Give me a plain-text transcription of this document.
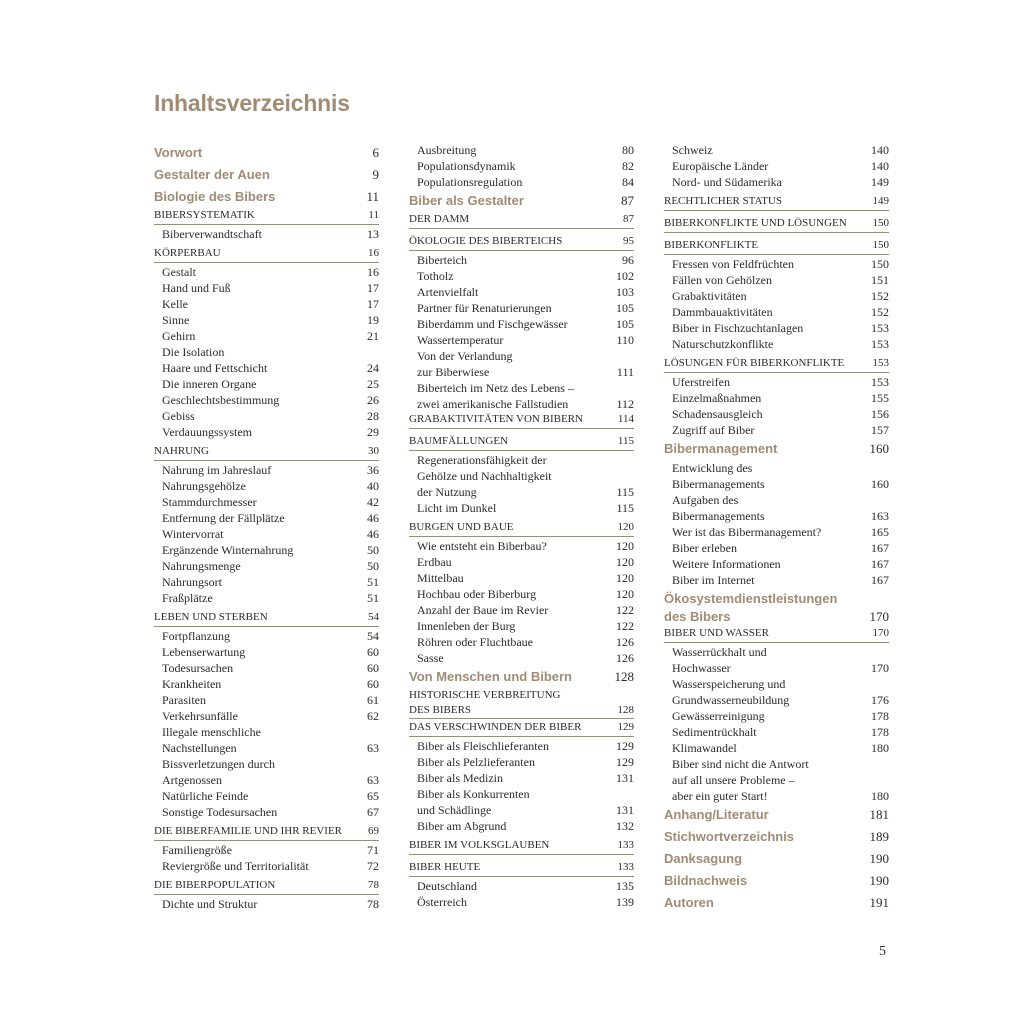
Inhaltsverzeichnis
Vorwort	6
Gestalter der Auen	9
Biologie des Bibers	11
BIBERSYSTEMATIK	11
Biberverwandtschaft	13
KÖRPERBAU	16
Gestalt	16
Hand und Fuß	17
Kelle	17
Sinne	19
Gehirn	21
Die Isolation
Haare und Fettschicht	24
Die inneren Organe	25
Geschlechtsbestimmung	26
Gebiss	28
Verdauungssystem	29
NAHRUNG	30
Nahrung im Jahreslauf	36
Nahrungsgehölze	40
Stammdurchmesser	42
Entfernung der Fällplätze	46
Wintervorrat	46
Ergänzende Winternahrung	50
Nahrungsmenge	50
Nahrungsort	51
Fraßplätze	51
LEBEN UND STERBEN	54
Fortpflanzung	54
Lebenserwartung	60
Todesursachen	60
Krankheiten	60
Parasiten	61
Verkehrsunfälle	62
Illegale menschliche
Nachstellungen	63
Bissverletzungen durch
Artgenossen	63
Natürliche Feinde	65
Sonstige Todesursachen	67
DIE BIBERFAMILIE UND IHR REVIER	69
Familiengröße	71
Reviergröße und Territorialität	72
DIE BIBERPOPULATION	78
Dichte und Struktur	78
Ausbreitung	80
Populationsdynamik	82
Populationsregulation	84
Biber als Gestalter	87
DER DAMM	87
ÖKOLOGIE DES BIBERTEICHS	95
Biberteich	96
Totholz	102
Artenvielfalt	103
Partner für Renaturierungen	105
Biberdamm und Fischgewässer	105
Wassertemperatur	110
Von der Verlandung
zur Biberwiese	111
Biberteich im Netz des Lebens –
zwei amerikanische Fallstudien	112
GRABAKTIVITÄTEN VON BIBERN	114
BAUMFÄLLUNGEN	115
Regenerationsfähigkeit der
Gehölze und Nachhaltigkeit
der Nutzung	115
Licht im Dunkel	115
BURGEN UND BAUE	120
Wie entsteht ein Biberbau?	120
Erdbau	120
Mittelbau	120
Hochbau oder Biberburg	120
Anzahl der Baue im Revier	122
Innenleben der Burg	122
Röhren oder Fluchtbaue	126
Sasse	126
Von Menschen und Bibern	128
HISTORISCHE VERBREITUNG
DES BIBERS	128
DAS VERSCHWINDEN DER BIBER	129
Biber als Fleischlieferanten	129
Biber als Pelzlieferanten	129
Biber als Medizin	131
Biber als Konkurrenten
und Schädlinge	131
Biber am Abgrund	132
BIBER IM VOLKSGLAUBEN	133
BIBER HEUTE	133
Deutschland	135
Österreich	139
Schweiz	140
Europäische Länder	140
Nord- und Südamerika	149
RECHTLICHER STATUS	149
BIBERKONFLIKTE UND LÖSUNGEN	150
BIBERKONFLIKTE	150
Fressen von Feldfrüchten	150
Fällen von Gehölzen	151
Grabaktivitäten	152
Dammbauaktivitäten	152
Biber in Fischzuchtanlagen	153
Naturschutzkonflikte	153
LÖSUNGEN FÜR BIBERKONFLIKTE	153
Uferstreifen	153
Einzelmaßnahmen	155
Schadensausgleich	156
Zugriff auf Biber	157
Bibermanagement	160
Entwicklung des
Bibermanagements	160
Aufgaben des
Bibermanagements	163
Wer ist das Bibermanagement?	165
Biber erleben	167
Weitere Informationen	167
Biber im Internet	167
Ökosystemdienstleistungen
des Bibers	170
BIBER UND WASSER	170
Wasserrückhalt und
Hochwasser	170
Wasserspeicherung und
Grundwasserneubildung	176
Gewässerreinigung	178
Sedimentrückhalt	178
Klimawandel	180
Biber sind nicht die Antwort
auf all unsere Probleme –
aber ein guter Start!	180
Anhang/Literatur	181
Stichwortverzeichnis	189
Danksagung	190
Bildnachweis	190
Autoren	191
5
